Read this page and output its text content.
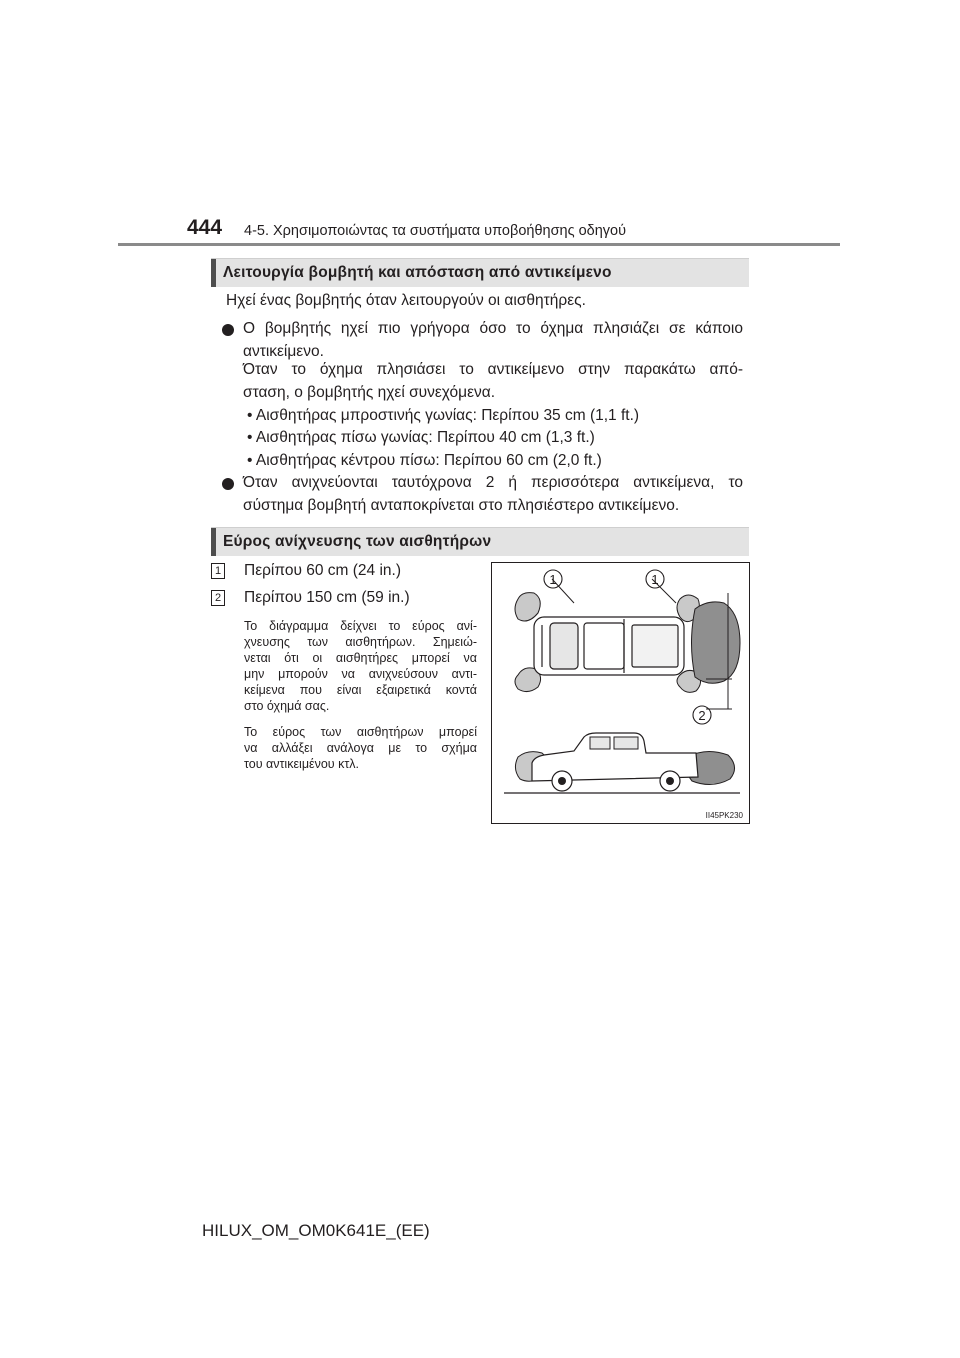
444 4-5. Χρησιμοποιώντας τα συστήματα υποβοήθησης οδηγού
Λειτουργία βομβητή και απόσταση από αντικείμενο
Ηχεί ένας βομβητής όταν λειτουργούν οι αισθητήρες.
Ο βομβητής ηχεί πιο γρήγορα όσο το όχημα πλησιάζει σε κάποιο
αντικείμενο.
Όταν το όχημα πλησιάσει το αντικείμενο στην παρακάτω από-
σταση, ο βομβητής ηχεί συνεχόμενα.
• Αισθητήρας μπροστινής γωνίας: Περίπου 35 cm (1,1 ft.)
• Αισθητήρας πίσω γωνίας: Περίπου 40 cm (1,3 ft.)
• Αισθητήρας κέντρου πίσω: Περίπου 60 cm (2,0 ft.)
Όταν ανιχνεύονται ταυτόχρονα 2 ή περισσότερα αντικείμενα, το
σύστημα βομβητή ανταποκρίνεται στο πλησιέστερο αντικείμενο.
Εύρος ανίχνευσης των αισθητήρων
1 Περίπου 60 cm (24 in.)
2 Περίπου 150 cm (59 in.)
Το διάγραμμα δείχνει το εύρος ανί-
χνευσης των αισθητήρων. Σημειώ-
νεται ότι οι αισθητήρες μπορεί να
μην μπορούν να ανιχνεύσουν αντι-
κείμενα που είναι εξαιρετικά κοντά
στο όχημά σας.
Το εύρος των αισθητήρων μπορεί
να αλλάξει ανάλογα με το σχήμα
του αντικειμένου κτλ.
1	1
2
II45PK230
HILUX_OM_OM0K641E_(EE)
